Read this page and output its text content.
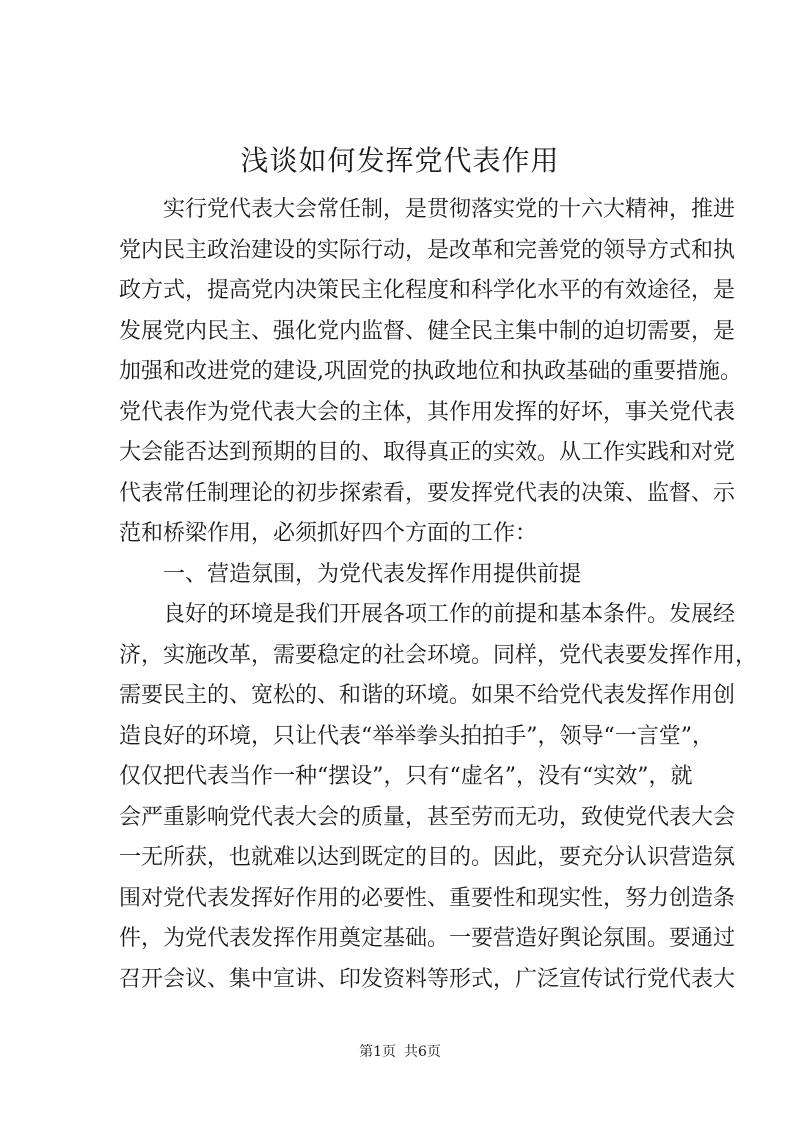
浅谈如何发挥党代表作用
　　实行党代表大会常任制，是贯彻落实党的十六大精神，推进
党内民主政治建设的实际行动，是改革和完善党的领导方式和执
政方式，提高党内决策民主化程度和科学化水平的有效途径，是
发展党内民主、强化党内监督、健全民主集中制的迫切需要，是
加强和改进党的建设,巩固党的执政地位和执政基础的重要措施。
党代表作为党代表大会的主体，其作用发挥的好坏，事关党代表
大会能否达到预期的目的、取得真正的实效。从工作实践和对党
代表常任制理论的初步探索看，要发挥党代表的决策、监督、示
范和桥梁作用，必须抓好四个方面的工作：
　　一、营造氛围，为党代表发挥作用提供前提
　　良好的环境是我们开展各项工作的前提和基本条件。发展经
济，实施改革，需要稳定的社会环境。同样，党代表要发挥作用，
需要民主的、宽松的、和谐的环境。如果不给党代表发挥作用创
造良好的环境，只让代表“举举拳头拍拍手”，领导“一言堂”，
仅仅把代表当作一种“摆设”，只有“虚名”，没有“实效”，就
会严重影响党代表大会的质量，甚至劳而无功，致使党代表大会
一无所获，也就难以达到既定的目的。因此，要充分认识营造氛
围对党代表发挥好作用的必要性、重要性和现实性，努力创造条
件，为党代表发挥作用奠定基础。一要营造好舆论氛围。要通过
召开会议、集中宣讲、印发资料等形式，广泛宣传试行党代表大
第1页 共6页
